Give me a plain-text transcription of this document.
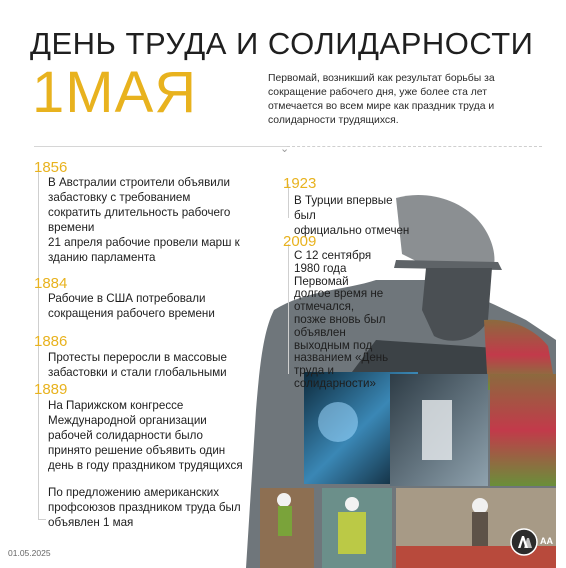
ДЕНЬ ТРУДА И СОЛИДАРНОСТИ
1МАЯ	Первомай, возникший как результат борьбы за сокращение рабочего дня, уже более ста лет отмечается во всем мире как праздник труда и солидарности трудящихся.
⌄
1856
В Австралии строители объявили
забастовку с требованием
сократить длительность рабочего
времени
21 апреля рабочие провели марш к
зданию парламента
1884
Рабочие в США потребовали
сокращения рабочего времени
1886
Протесты переросли в массовые
забастовки и стали глобальными
1889
На Парижском конгрессе
Международной организации
рабочей солидарности было
принято решение объявить один
день в году праздником трудящихся
По предложению американских
профсоюзов праздником труда был
объявлен 1 мая
1923
В Турции впервые был
официально отмечен
2009
С 12 сентября
1980 года
Первомай
долгое время не
отмечался,
позже вновь был
объявлен
выходным под
названием «День
труда и
солидарности»
01.05.2025
AA
